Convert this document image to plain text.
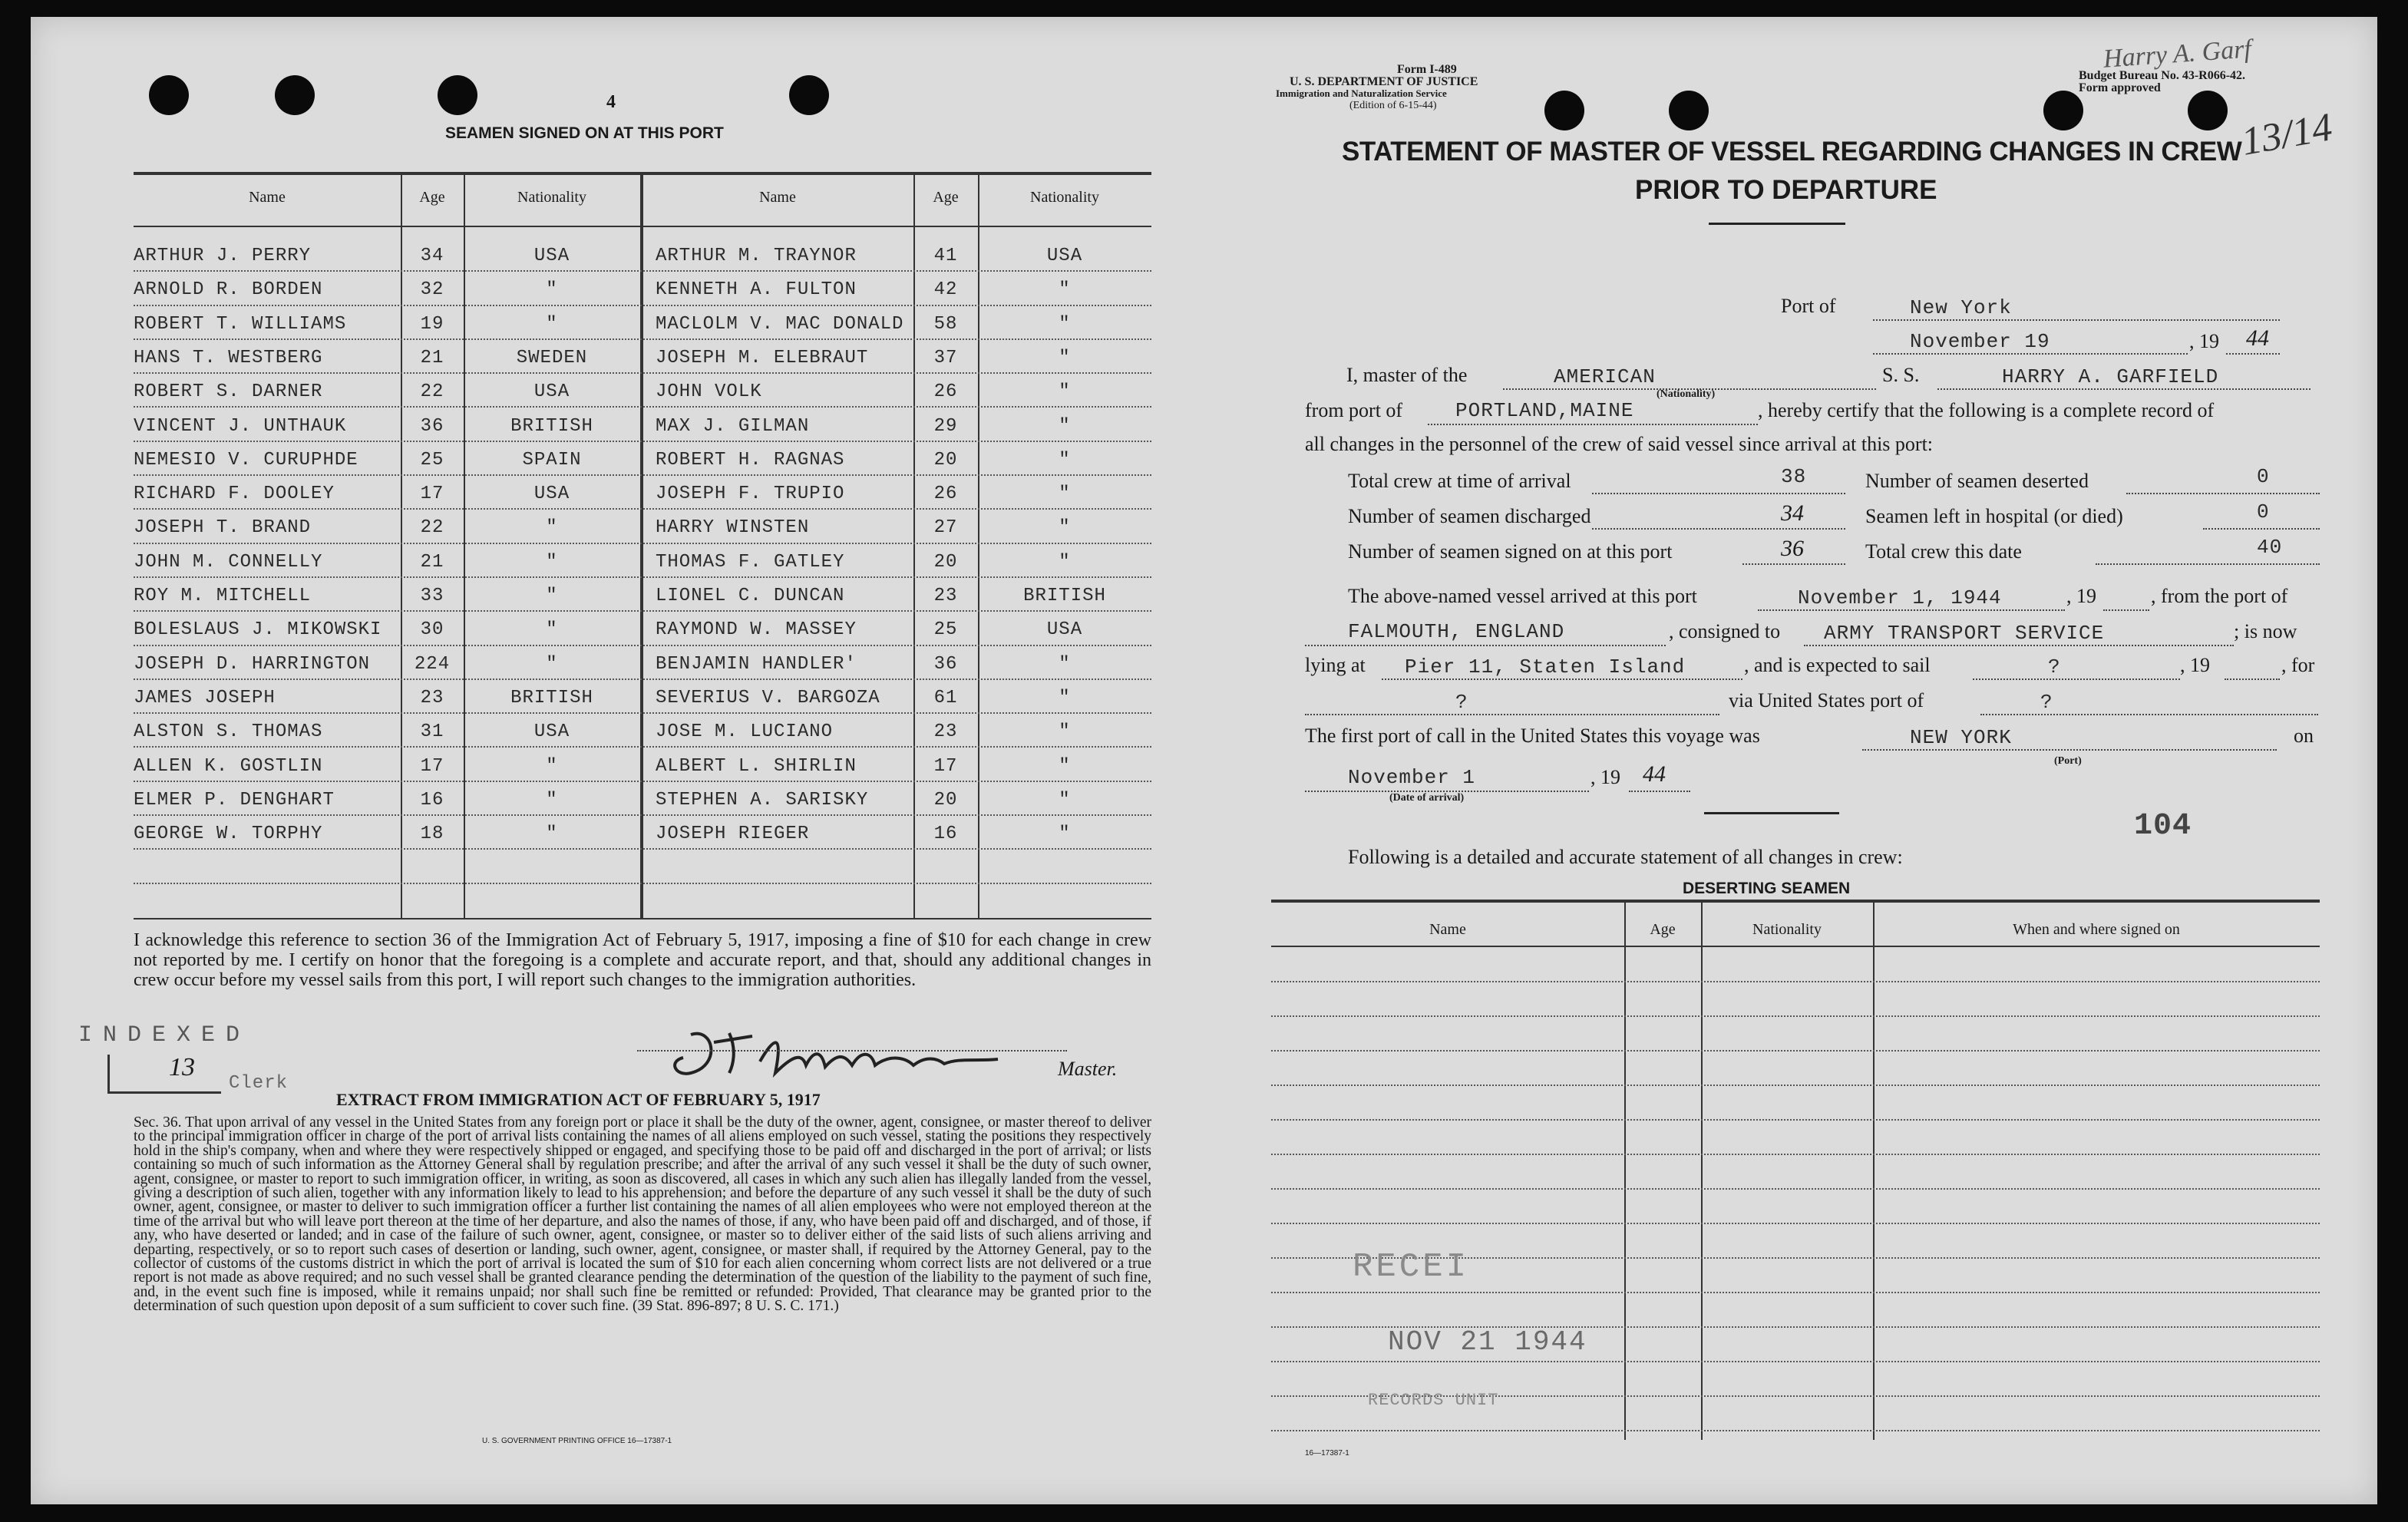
4
SEAMEN SIGNED ON AT THIS PORT
Name	Age	Nationality	Name	Age	Nationality
ARTHUR J. PERRY	34	USA	ARTHUR M. TRAYNOR	41	USA
ARNOLD R. BORDEN	32	"	KENNETH A. FULTON	42	"
ROBERT T. WILLIAMS	19	"	MACLOLM V. MAC DONALD	58	"
HANS T. WESTBERG	21	SWEDEN	JOSEPH M. ELEBRAUT	37	"
ROBERT S. DARNER	22	USA	JOHN VOLK	26	"
VINCENT J. UNTHAUK	36	BRITISH	MAX J. GILMAN	29	"
NEMESIO V. CURUPHDE	25	SPAIN	ROBERT H. RAGNAS	20	"
RICHARD F. DOOLEY	17	USA	JOSEPH F. TRUPIO	26	"
JOSEPH T. BRAND	22	"	HARRY WINSTEN	27	"
JOHN M. CONNELLY	21	"	THOMAS F. GATLEY	20	"
ROY M. MITCHELL	33	"	LIONEL C. DUNCAN	23	BRITISH
BOLESLAUS J. MIKOWSKI	30	"	RAYMOND W. MASSEY	25	USA
JOSEPH D. HARRINGTON	224	"	BENJAMIN HANDLER'	36	"
JAMES JOSEPH	23	BRITISH	SEVERIUS V. BARGOZA	61	"
ALSTON S. THOMAS	31	USA	JOSE M. LUCIANO	23	"
ALLEN K. GOSTLIN	17	"	ALBERT L. SHIRLIN	17	"
ELMER P. DENGHART	16	"	STEPHEN A. SARISKY	20	"
GEORGE W. TORPHY	18	"	JOSEPH RIEGER	16	"
I acknowledge this reference to section 36 of the Immigration Act of February 5, 1917, imposing a fine of $10 for each change in crew not reported by me. I certify on honor that the foregoing is a complete and accurate report, and that, should any additional changes in crew occur before my vessel sails from this port, I will report such changes to the immigration authorities.
INDEXED
13
Clerk
Master.
EXTRACT FROM IMMIGRATION ACT OF FEBRUARY 5, 1917
Sec. 36. That upon arrival of any vessel in the United States from any foreign port or place it shall be the duty of the owner, agent, consignee, or master thereof to deliver to the principal immigration officer in charge of the port of arrival lists containing the names of all aliens employed on such vessel, stating the positions they respectively hold in the ship's company, when and where they were respectively shipped or engaged, and specifying those to be paid off and discharged in the port of arrival; or lists containing so much of such information as the Attorney General shall by regulation prescribe; and after the arrival of any such vessel it shall be the duty of such owner, agent, consignee, or master to report to such immigration officer, in writing, as soon as discovered, all cases in which any such alien has illegally landed from the vessel, giving a description of such alien, together with any information likely to lead to his apprehension; and before the departure of any such vessel it shall be the duty of such owner, agent, consignee, or master to deliver to such immigration officer a further list containing the names of all alien employees who were not employed thereon at the time of the arrival but who will leave port thereon at the time of her departure, and also the names of those, if any, who have been paid off and discharged, and of those, if any, who have deserted or landed; and in case of the failure of such owner, agent, consignee, or master so to deliver either of the said lists of such aliens arriving and departing, respectively, or so to report such cases of desertion or landing, such owner, agent, consignee, or master shall, if required by the Attorney General, pay to the collector of customs of the customs district in which the port of arrival is located the sum of $10 for each alien concerning whom correct lists are not delivered or a true report is not made as above required; and no such vessel shall be granted clearance pending the determination of the question of the liability to the payment of such fine, and, in the event such fine is imposed, while it remains unpaid; nor shall such fine be remitted or refunded: Provided, That clearance may be granted prior to the determination of such question upon deposit of a sum sufficient to cover such fine. (39 Stat. 896-897; 8 U. S. C. 171.)
U. S. GOVERNMENT PRINTING OFFICE 16—17387-1
Form I-489
U. S. DEPARTMENT OF JUSTICE
Immigration and Naturalization Service
(Edition of 6-15-44)
Budget Bureau No. 43-R066-42.
Form approved
Harry A. Garf
13/14
STATEMENT OF MASTER OF VESSEL REGARDING CHANGES IN CREW
PRIOR TO DEPARTURE
Port of	New York
November 19	, 19 44
I, master of the	AMERICAN
(Nationality)
S. S.	HARRY A. GARFIELD
from port of	PORTLAND,MAINE	, hereby certify that the following is a complete record of
all changes in the personnel of the crew of said vessel since arrival at this port:
Total crew at time of arrival	38	Number of seamen deserted	0
Number of seamen discharged	34	Seamen left in hospital (or died)	0
Number of seamen signed on at this port	36	Total crew this date	40
The above-named vessel arrived at this port	November 1, 1944	, 19	, from the port of
FALMOUTH, ENGLAND	, consigned to ARMY TRANSPORT SERVICE	; is now
lying at Pier 11, Staten Island	, and is expected to sail	?	, 19	, for
?	via United States port of	?
The first port of call in the United States this voyage was	NEW YORK
(Port)
on
November 1
(Date of arrival)
, 19 44
104
Following is a detailed and accurate statement of all changes in crew:
DESERTING SEAMEN
Name	Age	Nationality	When and where signed on
RECEI
NOV 21 1944
RECORDS UNIT
16—17387-1
